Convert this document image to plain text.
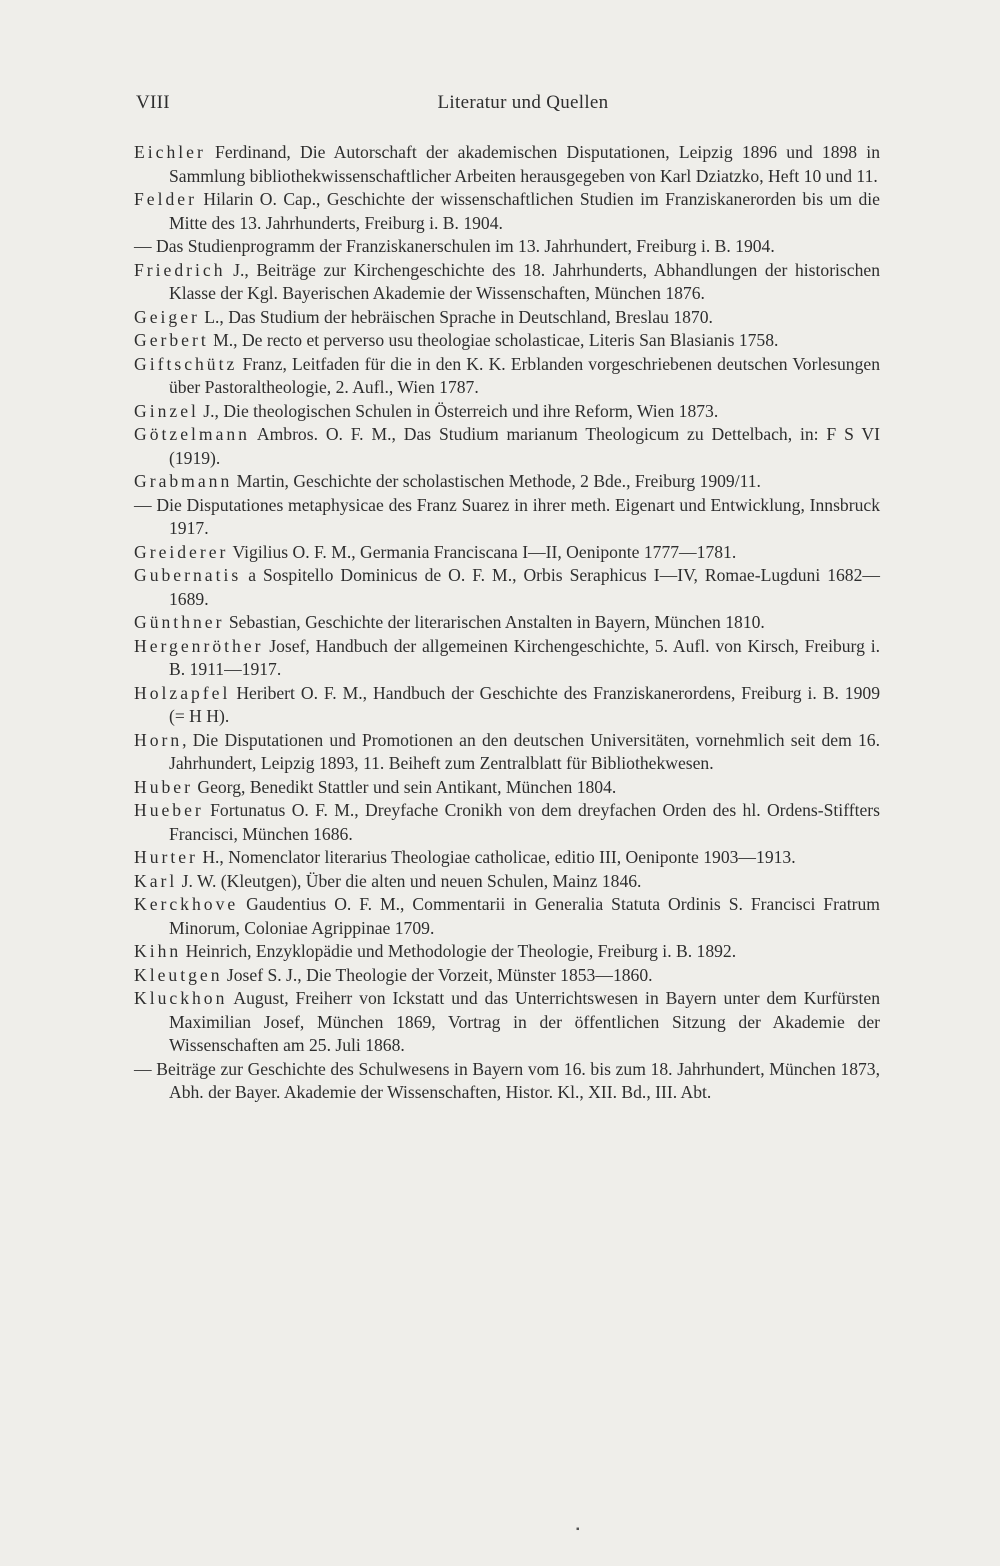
VIII	Literatur und Quellen

Eichler Ferdinand, Die Autorschaft der akademischen Disputationen, Leipzig 1896 und 1898 in Sammlung bibliothekwissenschaftlicher Arbeiten herausgegeben von Karl Dziatzko, Heft 10 und 11.

Felder Hilarin O. Cap., Geschichte der wissenschaftlichen Studien im Franziskanerorden bis um die Mitte des 13. Jahrhunderts, Freiburg i. B. 1904.

— Das Studienprogramm der Franziskanerschulen im 13. Jahrhundert, Freiburg i. B. 1904.

Friedrich J., Beiträge zur Kirchengeschichte des 18. Jahrhunderts, Abhandlungen der historischen Klasse der Kgl. Bayerischen Akademie der Wissenschaften, München 1876.

Geiger L., Das Studium der hebräischen Sprache in Deutschland, Breslau 1870.

Gerbert M., De recto et perverso usu theologiae scholasticae, Literis San Blasianis 1758.

Giftschütz Franz, Leitfaden für die in den K. K. Erblanden vorgeschriebenen deutschen Vorlesungen über Pastoraltheologie, 2. Aufl., Wien 1787.

Ginzel J., Die theologischen Schulen in Österreich und ihre Reform, Wien 1873.

Götzelmann Ambros. O. F. M., Das Studium marianum Theologicum zu Dettelbach, in: F S VI (1919).

Grabmann Martin, Geschichte der scholastischen Methode, 2 Bde., Freiburg 1909/11.

— Die Disputationes metaphysicae des Franz Suarez in ihrer meth. Eigenart und Entwicklung, Innsbruck 1917.

Greiderer Vigilius O. F. M., Germania Franciscana I—II, Oeniponte 1777—1781.

Gubernatis a Sospitello Dominicus de O. F. M., Orbis Seraphicus I—IV, Romae-Lugduni 1682—1689.

Günthner Sebastian, Geschichte der literarischen Anstalten in Bayern, München 1810.

Hergenröther Josef, Handbuch der allgemeinen Kirchengeschichte, 5. Aufl. von Kirsch, Freiburg i. B. 1911—1917.

Holzapfel Heribert O. F. M., Handbuch der Geschichte des Franziskanerordens, Freiburg i. B. 1909 (= H H).

Horn, Die Disputationen und Promotionen an den deutschen Universitäten, vornehmlich seit dem 16. Jahrhundert, Leipzig 1893, 11. Beiheft zum Zentralblatt für Bibliothekwesen.

Huber Georg, Benedikt Stattler und sein Antikant, München 1804.

Hueber Fortunatus O. F. M., Dreyfache Cronikh von dem dreyfachen Orden des hl. Ordens-Stiffters Francisci, München 1686.

Hurter H., Nomenclator literarius Theologiae catholicae, editio III, Oeniponte 1903—1913.

Karl J. W. (Kleutgen), Über die alten und neuen Schulen, Mainz 1846.

Kerckhove Gaudentius O. F. M., Commentarii in Generalia Statuta Ordinis S. Francisci Fratrum Minorum, Coloniae Agrippinae 1709.

Kihn Heinrich, Enzyklopädie und Methodologie der Theologie, Freiburg i. B. 1892.

Kleutgen Josef S. J., Die Theologie der Vorzeit, Münster 1853—1860.

Kluckhon August, Freiherr von Ickstatt und das Unterrichtswesen in Bayern unter dem Kurfürsten Maximilian Josef, München 1869, Vortrag in der öffentlichen Sitzung der Akademie der Wissenschaften am 25. Juli 1868.

— Beiträge zur Geschichte des Schulwesens in Bayern vom 16. bis zum 18. Jahrhundert, München 1873, Abh. der Bayer. Akademie der Wissenschaften, Histor. Kl., XII. Bd., III. Abt.

▪
